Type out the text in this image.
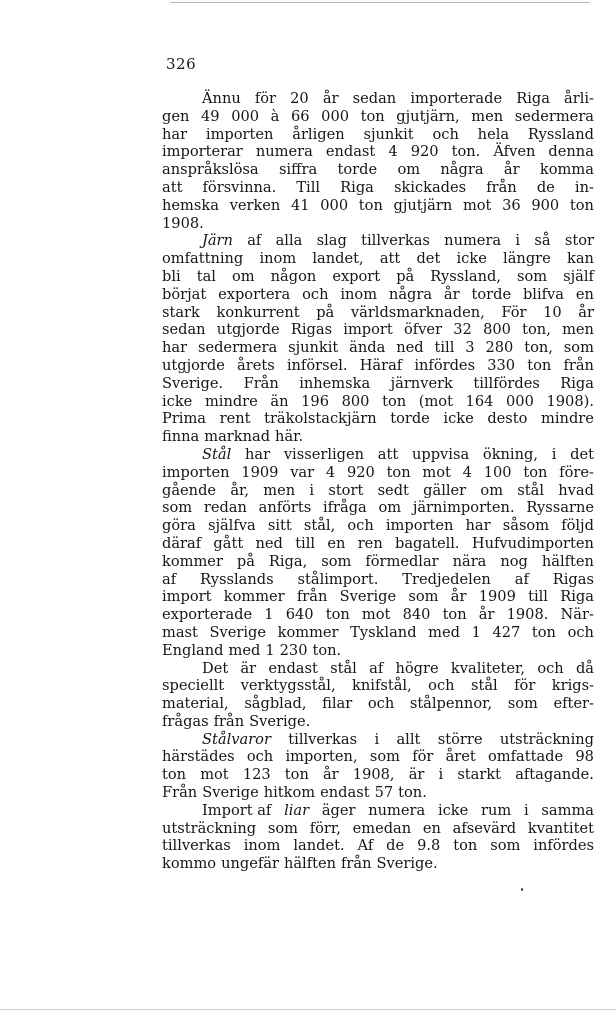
326
Ännu för 20 år sedan importerade Riga årli-
gen 49 000 à 66 000 ton gjutjärn, men sedermera
har importen årligen sjunkit och hela Ryssland
importerar numera endast 4 920 ton. Äfven denna
anspråkslösa siffra torde om några år komma
att försvinna. Till Riga skickades från de in-
hemska verken 41 000 ton gjutjärn mot 36 900 ton
1908.
Järn af alla slag tillverkas numera i så stor
omfattning inom landet, att det icke längre kan
bli tal om någon export på Ryssland, som själf
börjat exportera och inom några år torde blifva en
stark konkurrent på världsmarknaden, För 10 år
sedan utgjorde Rigas import öfver 32 800 ton, men
har sedermera sjunkit ända ned till 3 280 ton, som
utgjorde årets införsel. Häraf infördes 330 ton från
Sverige. Från inhemska järnverk tillfördes Riga
icke mindre än 196 800 ton (mot 164 000 1908).
Prima rent träkolstackjärn torde icke desto mindre
finna marknad här.
Stål har visserligen att uppvisa ökning, i det
importen 1909 var 4 920 ton mot 4 100 ton före-
gående år, men i stort sedt gäller om stål hvad
som redan anförts ifråga om järnimporten. Ryssarne
göra själfva sitt stål, och importen har såsom följd
däraf gått ned till en ren bagatell. Hufvudimporten
kommer på Riga, som förmedlar nära nog hälften
af Rysslands stålimport. Tredjedelen af Rigas
import kommer från Sverige som år 1909 till Riga
exporterade 1 640 ton mot 840 ton år 1908. När-
mast Sverige kommer Tyskland med 1 427 ton och
England med 1 230 ton.
Det är endast stål af högre kvaliteter, och då
speciellt verktygsstål, knifstål, och stål för krigs-
material, sågblad, filar och stålpennor, som efter-
frågas från Sverige.
Stålvaror tillverkas i allt större utsträckning
härstädes och importen, som för året omfattade 98
ton mot 123 ton år 1908, är i starkt aftagande.
Från Sverige hitkom endast 57 ton.
Import af liar äger numera icke rum i samma
utsträckning som förr, emedan en afsevärd kvantitet
tillverkas inom landet. Af de 9.8 ton som infördes
kommo ungefär hälften från Sverige.
